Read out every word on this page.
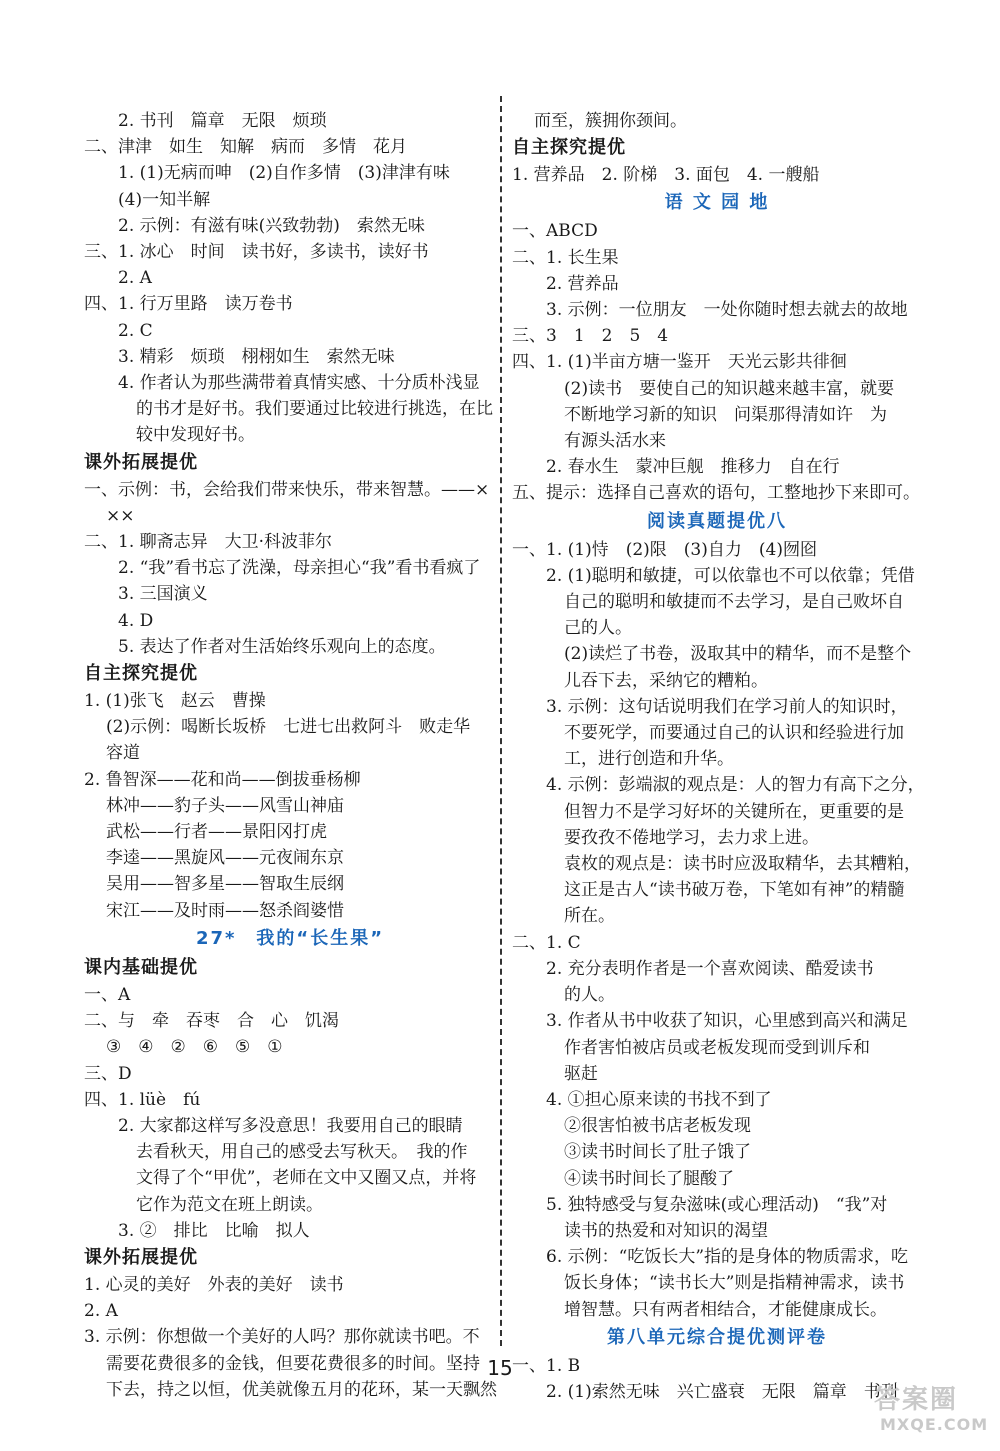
2. 书刊　篇章　无限　烦琐
二、津津　如生　知解　病而　多情　花月
1. (1)无病而呻　(2)自作多情　(3)津津有味
(4)一知半解
2. 示例：有滋有味(兴致勃勃)　索然无味
三、1. 冰心　时间　读书好，多读书，读好书
2. A
四、1. 行万里路　读万卷书
2. C
3. 精彩　烦琐　栩栩如生　索然无味
4. 作者认为那些满带着真情实感、十分质朴浅显
的书才是好书。我们要通过比较进行挑选，在比
较中发现好书。
课外拓展提优
一、示例：书，会给我们带来快乐，带来智慧。——×
××
二、1. 聊斋志异　大卫·科波菲尔
2. “我”看书忘了洗澡，母亲担心“我”看书看疯了
3. 三国演义
4. D
5. 表达了作者对生活始终乐观向上的态度。
自主探究提优
1. (1)张飞　赵云　曹操
(2)示例：喝断长坂桥　七进七出救阿斗　败走华
容道
2. 鲁智深——花和尚——倒拔垂杨柳
林冲——豹子头——风雪山神庙
武松——行者——景阳冈打虎
李逵——黑旋风——元夜闹东京
吴用——智多星——智取生辰纲
宋江——及时雨——怒杀阎婆惜
27*　我的“长生果”
课内基础提优
一、A
二、与　牵　吞枣　合　心　饥渴
③　④　②　⑥　⑤　①
三、D
四、1. lüè　fú
2. 大家都这样写多没意思！我要用自己的眼睛
去看秋天，用自己的感受去写秋天。　我的作
文得了个“甲优”，老师在文中又圈又点，并将
它作为范文在班上朗读。
3. ②　排比　比喻　拟人
课外拓展提优
1. 心灵的美好　外表的美好　读书
2. A
3. 示例：你想做一个美好的人吗？那你就读书吧。不
需要花费很多的金钱，但要花费很多的时间。坚持
下去，持之以恒，优美就像五月的花环，某一天飘然
而至，簇拥你颈间。
自主探究提优
1. 营养品　2. 阶梯　3. 面包　4. 一艘船
语 文 园 地
一、ABCD
二、1. 长生果
2. 营养品
3. 示例：一位朋友　一处你随时想去就去的故地
三、3　1　2　5　4
四、1. (1)半亩方塘一鉴开　天光云影共徘徊
(2)读书　要使自己的知识越来越丰富，就要
不断地学习新的知识　问渠那得清如许　为
有源头活水来
2. 春水生　蒙冲巨舰　推移力　自在行
五、提示：选择自己喜欢的语句，工整地抄下来即可。
阅读真题提优八
一、1. (1)恃　(2)限　(3)自力　(4)囫囵
2. (1)聪明和敏捷，可以依靠也不可以依靠；凭借
自己的聪明和敏捷而不去学习，是自己败坏自
己的人。
(2)读烂了书卷，汲取其中的精华，而不是整个
儿吞下去，采纳它的糟粕。
3. 示例：这句话说明我们在学习前人的知识时，
不要死学，而要通过自己的认识和经验进行加
工，进行创造和升华。
4. 示例：彭端淑的观点是：人的智力有高下之分，
但智力不是学习好坏的关键所在，更重要的是
要孜孜不倦地学习，去力求上进。
袁枚的观点是：读书时应汲取精华，去其糟粕，
这正是古人“读书破万卷，下笔如有神”的精髓
所在。
二、1. C
2. 充分表明作者是一个喜欢阅读、酷爱读书
的人。
3. 作者从书中收获了知识，心里感到高兴和满足
作者害怕被店员或老板发现而受到训斥和
驱赶
4. ①担心原来读的书找不到了
②很害怕被书店老板发现
③读书时间长了肚子饿了
④读书时间长了腿酸了
5. 独特感受与复杂滋味(或心理活动)　“我”对
读书的热爱和对知识的渴望
6. 示例：“吃饭长大”指的是身体的物质需求，吃
饭长身体；“读书长大”则是指精神需求，读书
增智慧。只有两者相结合，才能健康成长。
第八单元综合提优测评卷
一、1. B
2. (1)索然无味　兴亡盛衰　无限　篇章　书刊
15
答案圈
MXQE.COM
